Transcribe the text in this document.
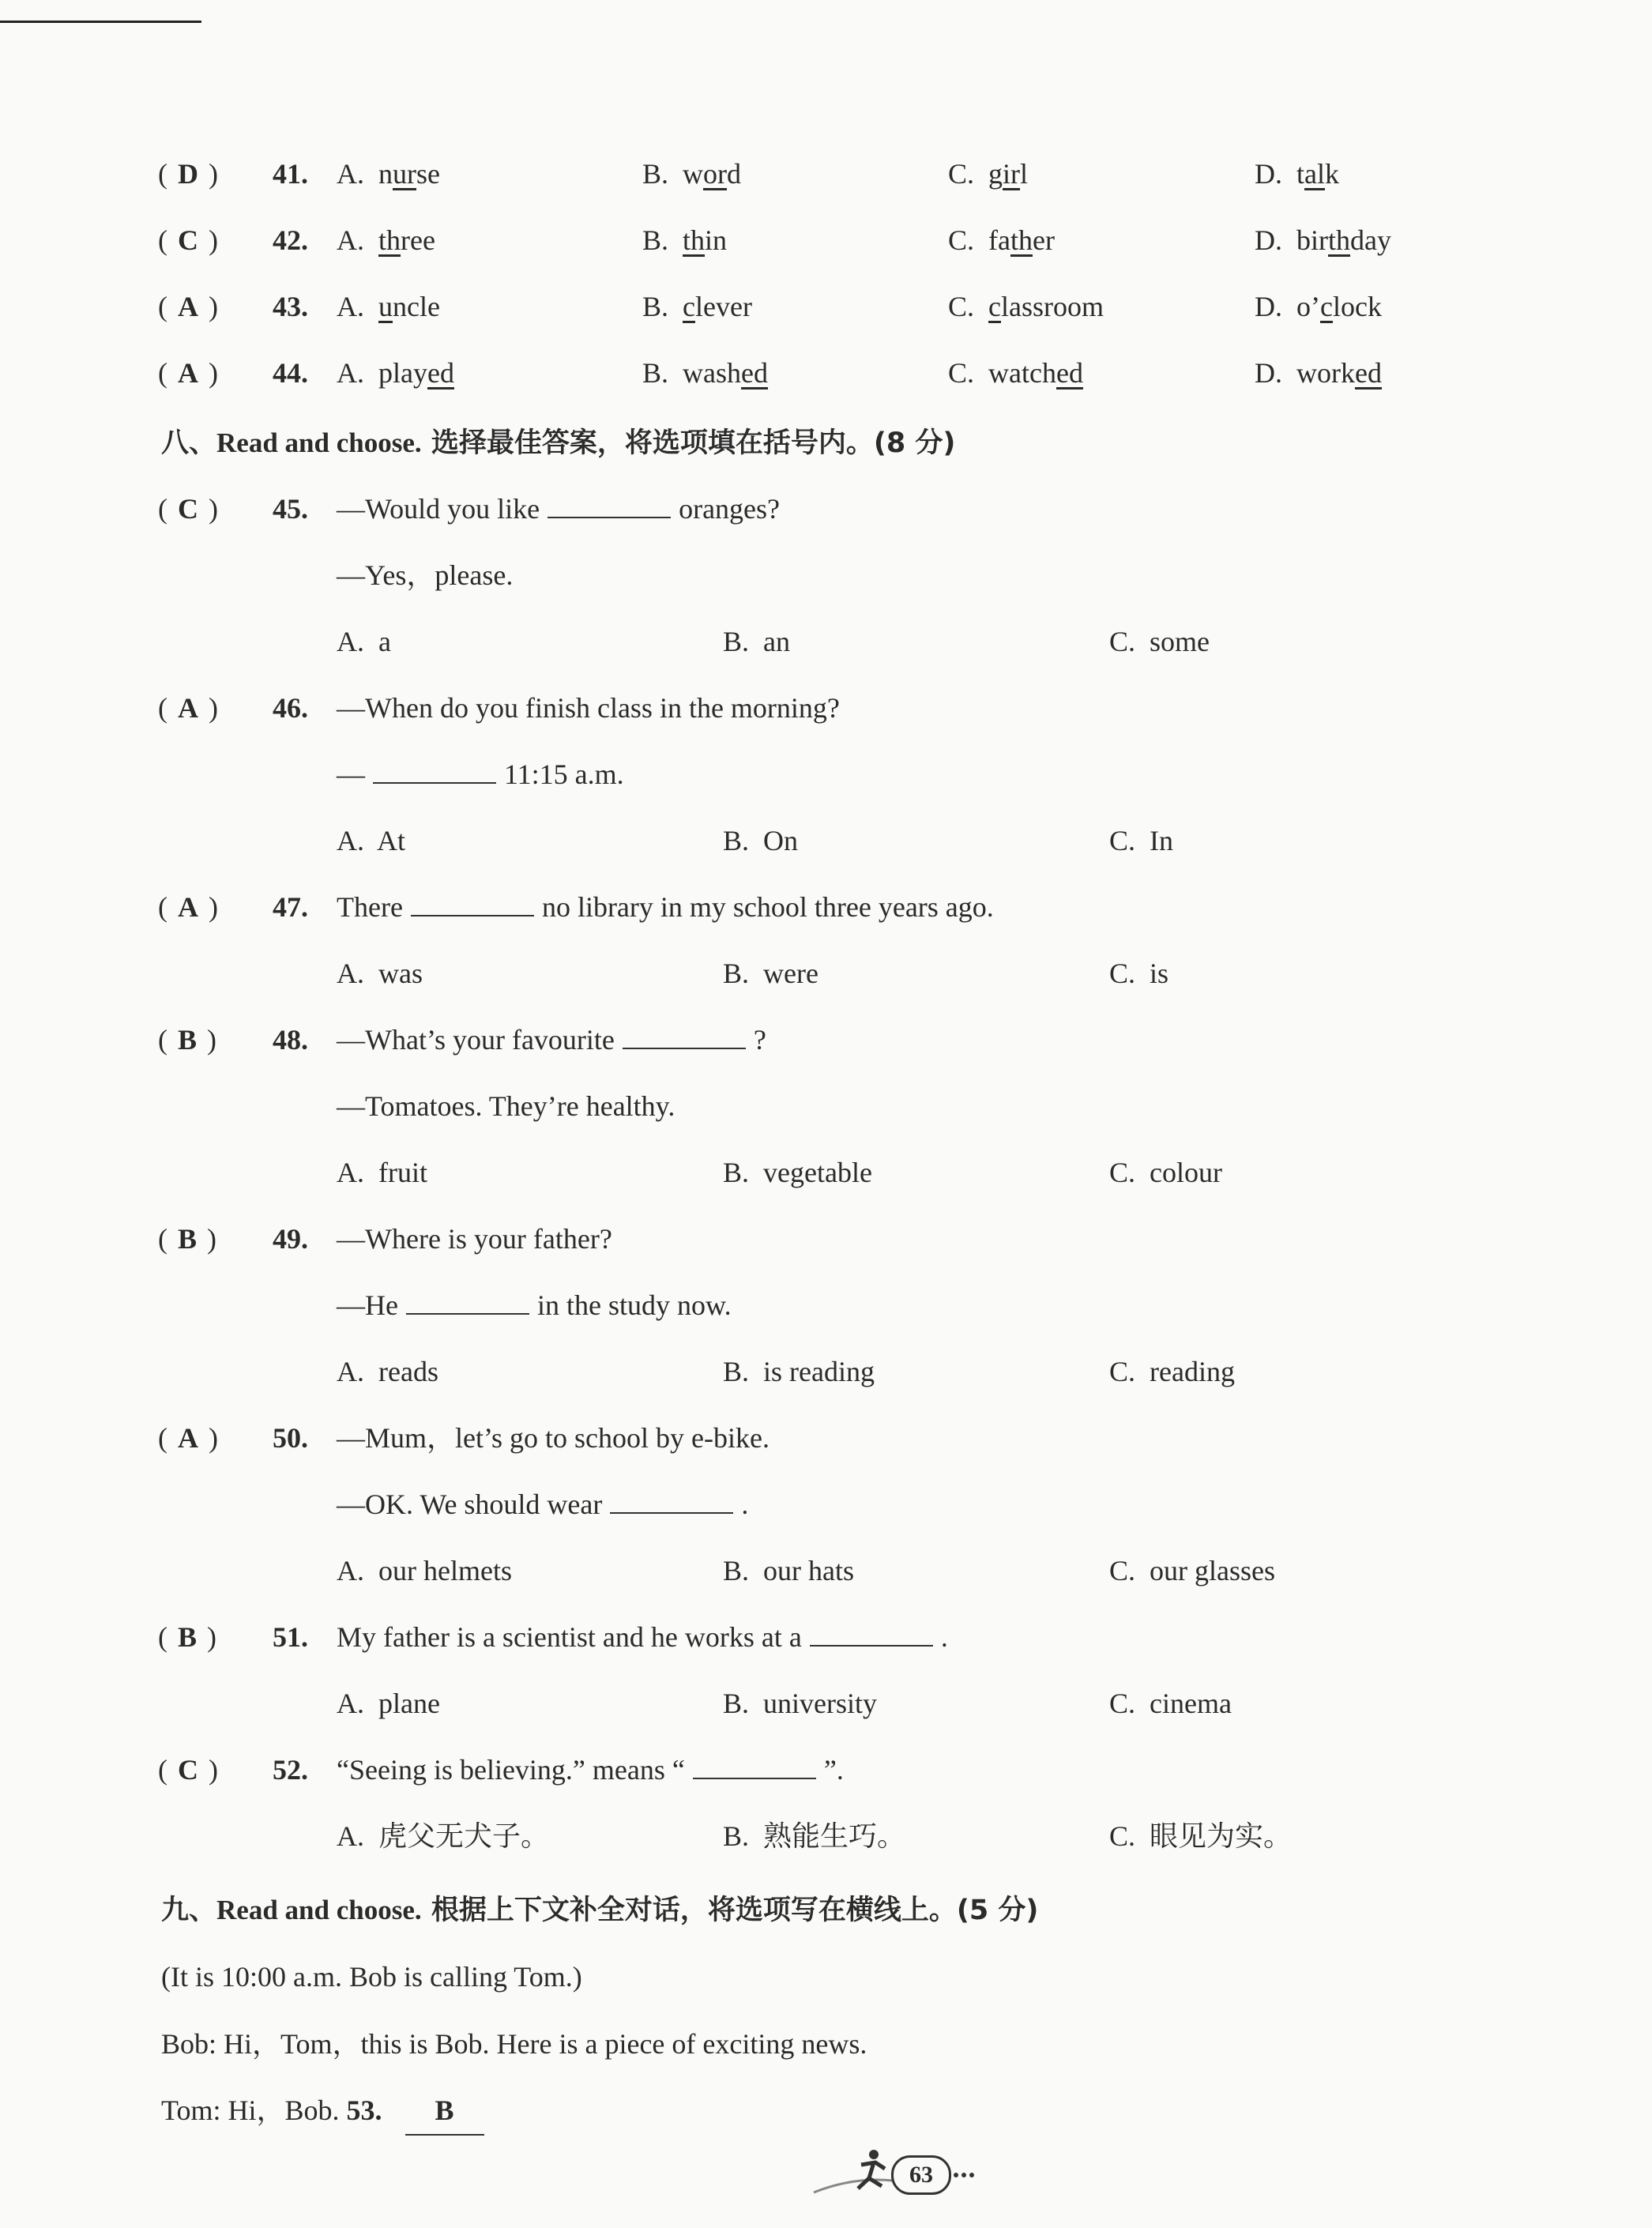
( D ) 41. A.  nurse	B.  word	C.  girl	D.  talk
( C ) 42. A.  three	B.  thin	C.  father	D.  birthday
( A ) 43. A.  uncle	B.  clever	C.  classroom	D.  o’clock
( A ) 44. A.  played	B.  washed	C.  watched	D.  worked
八、Read and choose. 选择最佳答案，将选项填在括号内。(8 分)
( C ) 45. —Would you like	oranges?
—Yes，please.
A.  a	B.  an	C.  some
( A ) 46. —When do you finish class in the morning?
—	11:15 a.m.
A.  At	B.  On	C.  In
( A ) 47. There	no library in my school three years ago.
A.  was	B.  were	C.  is
( B ) 48. —What’s your favourite	?
—Tomatoes. They’re healthy.
A.  fruit	B.  vegetable	C.  colour
( B ) 49. —Where is your father?
—He	in the study now.
A.  reads	B.  is reading	C.  reading
( A ) 50. —Mum，let’s go to school by e-bike.
—OK. We should wear	.
A.  our helmets	B.  our hats	C.  our glasses
( B ) 51. My father is a scientist and he works at a	.
A.  plane	B.  university	C.  cinema
( C ) 52. “Seeing is believing.” means “	”.
A.  虎父无犬子。	B.  熟能生巧。	C.  眼见为实。
九、Read and choose. 根据上下文补全对话，将选项写在横线上。(5 分)
(It is 10:00 a.m. Bob is calling Tom.)
Bob: Hi，Tom，this is Bob. Here is a piece of exciting news.
Tom: Hi，Bob. 53. B
63
